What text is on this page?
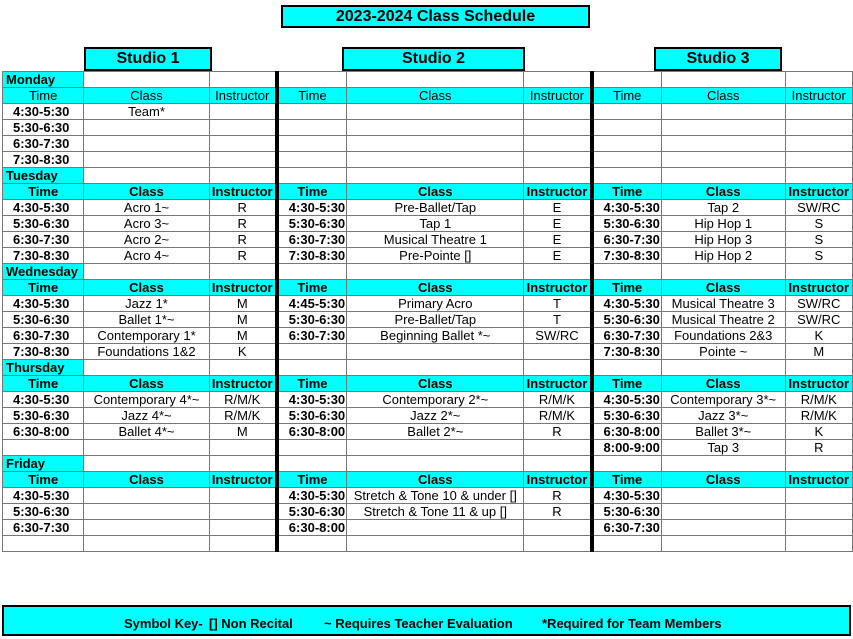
2023-2024 Class Schedule
Studio 1	Studio 2	Studio 3
Monday								
Time	Class	Instructor	Time	Class	Instructor	Time	Class	Instructor
4:30-5:30	Team*							
5:30-6:30								
6:30-7:30								
7:30-8:30								
Tuesday								
Time	Class	Instructor	Time	Class	Instructor	Time	Class	Instructor
4:30-5:30	Acro 1~	R	4:30-5:30	Pre-Ballet/Tap	E	4:30-5:30	Tap 2	SW/RC
5:30-6:30	Acro 3~	R	5:30-6:30	Tap 1	E	5:30-6:30	Hip Hop 1	S
6:30-7:30	Acro 2~	R	6:30-7:30	Musical Theatre 1	E	6:30-7:30	Hip Hop 3	S
7:30-8:30	Acro 4~	R	7:30-8:30	Pre-Pointe []	E	7:30-8:30	Hip Hop 2	S
Wednesday								
Time	Class	Instructor	Time	Class	Instructor	Time	Class	Instructor
4:30-5:30	Jazz 1*	M	4:45-5:30	Primary Acro	T	4:30-5:30	Musical Theatre 3	SW/RC
5:30-6:30	Ballet 1*~	M	5:30-6:30	Pre-Ballet/Tap	T	5:30-6:30	Musical Theatre 2	SW/RC
6:30-7:30	Contemporary 1*	M	6:30-7:30	Beginning Ballet *~	SW/RC	6:30-7:30	Foundations 2&3	K
7:30-8:30	Foundations 1&2	K				7:30-8:30	Pointe ~	M
Thursday								
Time	Class	Instructor	Time	Class	Instructor	Time	Class	Instructor
4:30-5:30	Contemporary 4*~	R/M/K	4:30-5:30	Contemporary 2*~	R/M/K	4:30-5:30	Contemporary 3*~	R/M/K
5:30-6:30	Jazz 4*~	R/M/K	5:30-6:30	Jazz 2*~	R/M/K	5:30-6:30	Jazz 3*~	R/M/K
6:30-8:00	Ballet 4*~	M	6:30-8:00	Ballet 2*~	R	6:30-8:00	Ballet 3*~	K
						8:00-9:00	Tap 3	R
Friday								
Time	Class	Instructor	Time	Class	Instructor	Time	Class	Instructor
4:30-5:30			4:30-5:30	Stretch & Tone 10 & under []	R	4:30-5:30		
5:30-6:30			5:30-6:30	Stretch & Tone 11 & up []	R	5:30-6:30		
6:30-7:30			6:30-8:00			6:30-7:30		

Symbol Key- [] Non Recital ~ Requires Teacher Evaluation *Required for Team Members
